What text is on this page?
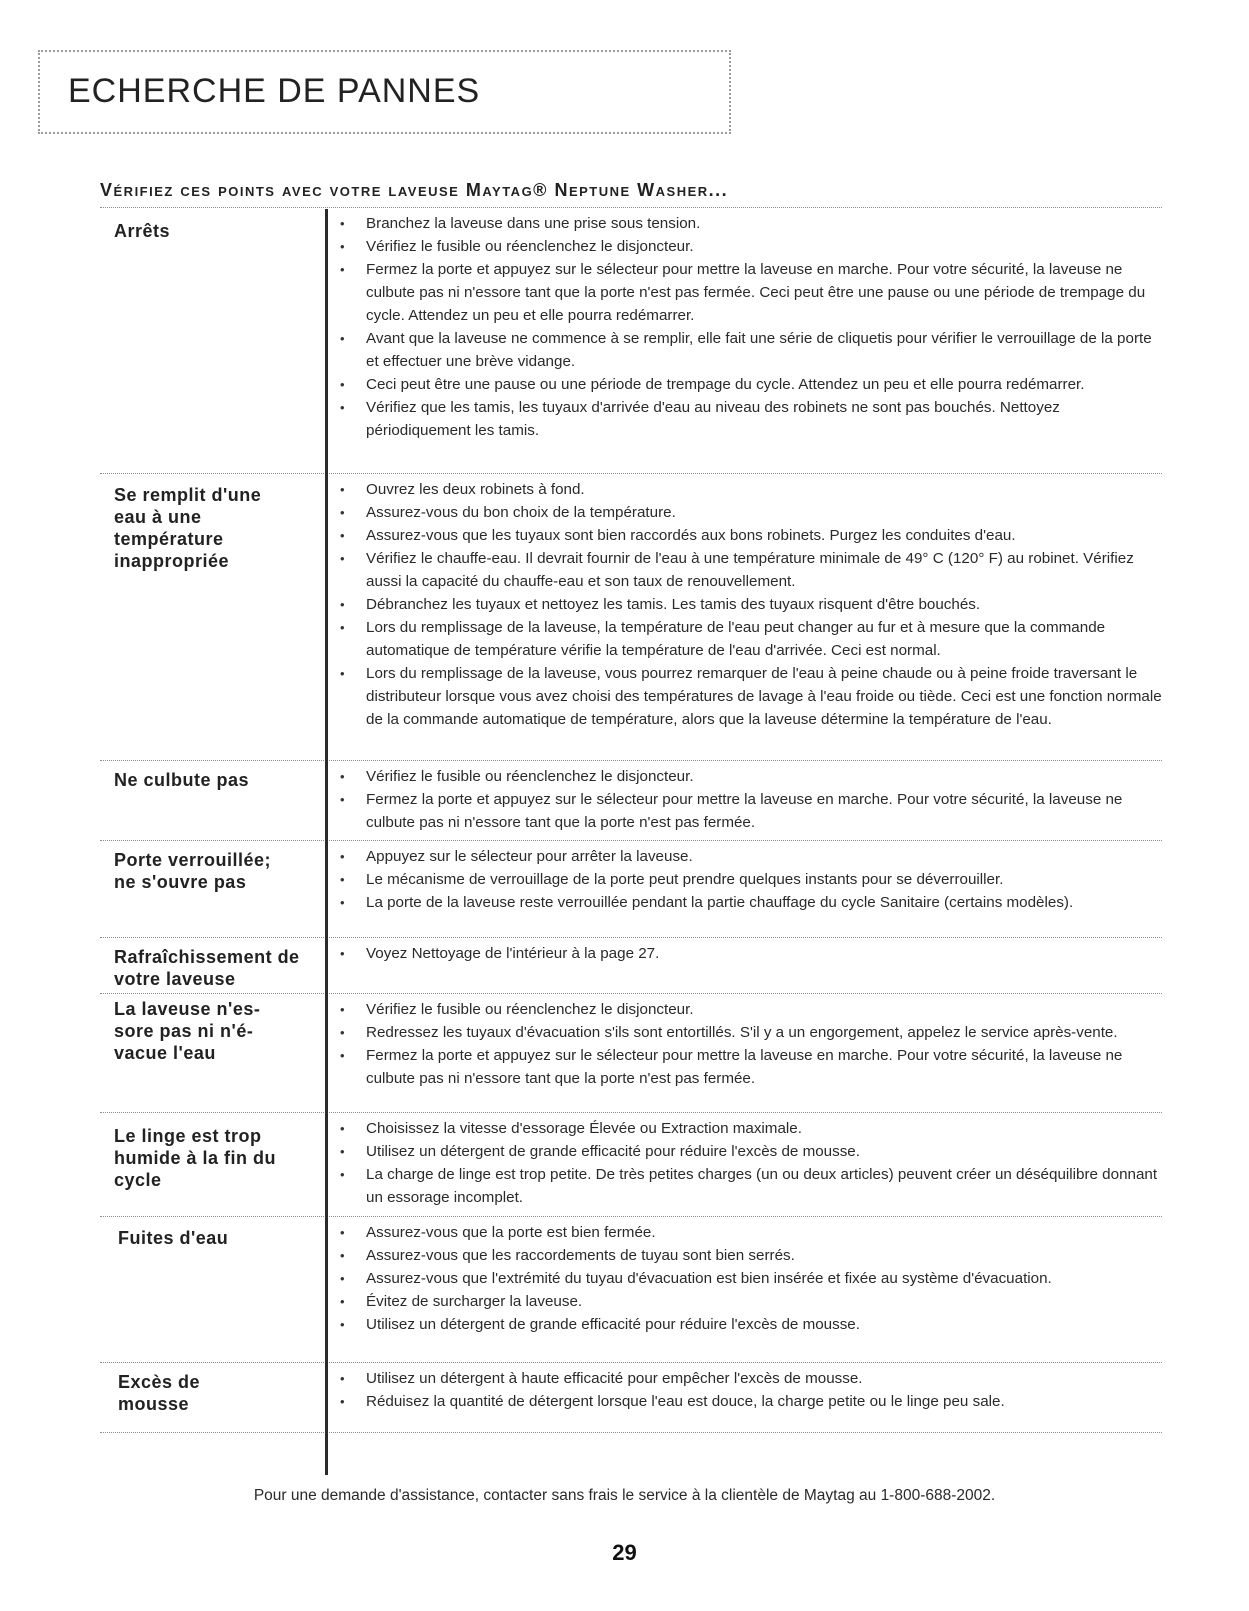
ECHERCHE DE PANNES
Vérifiez ces points avec votre laveuse Maytag® Neptune Washer...
Arrêts	• Branchez la laveuse dans une prise sous tension.
• Vérifiez le fusible ou réenclenchez le disjoncteur.
• Fermez la porte et appuyez sur le sélecteur pour mettre la laveuse en marche. Pour votre sécurité, la laveuse ne culbute pas ni n'essore tant que la porte n'est pas fermée. Ceci peut être une pause ou une période de trempage du cycle. Attendez un peu et elle pourra redémarrer.
• Avant que la laveuse ne commence à se remplir, elle fait une série de cliquetis pour vérifier le verrouillage de la porte et effectuer une brève vidange.
• Ceci peut être une pause ou une période de trempage du cycle. Attendez un peu et elle pourra redémarrer.
• Vérifiez que les tamis, les tuyaux d'arrivée d'eau au niveau des robinets ne sont pas bouchés. Nettoyez périodiquement les tamis.
Se remplit d'une eau à une température inappropriée
• Ouvrez les deux robinets à fond.
• Assurez-vous du bon choix de la température.
• Assurez-vous que les tuyaux sont bien raccordés aux bons robinets. Purgez les conduites d'eau.
• Vérifiez le chauffe-eau. Il devrait fournir de l'eau à une température minimale de 49° C (120° F) au robinet. Vérifiez aussi la capacité du chauffe-eau et son taux de renouvellement.
• Débranchez les tuyaux et nettoyez les tamis. Les tamis des tuyaux risquent d'être bouchés.
• Lors du remplissage de la laveuse, la température de l'eau peut changer au fur et à mesure que la commande automatique de température vérifie la température de l'eau d'arrivée. Ceci est normal.
• Lors du remplissage de la laveuse, vous pourrez remarquer de l'eau à peine chaude ou à peine froide traversant le distributeur lorsque vous avez choisi des températures de lavage à l'eau froide ou tiède. Ceci est une fonction normale de la commande automatique de température, alors que la laveuse détermine la température de l'eau.
Ne culbute pas	• Vérifiez le fusible ou réenclenchez le disjoncteur.
• Fermez la porte et appuyez sur le sélecteur pour mettre la laveuse en marche. Pour votre sécurité, la laveuse ne culbute pas ni n'essore tant que la porte n'est pas fermée.
Porte verrouillée; ne s'ouvre pas
• Appuyez sur le sélecteur pour arrêter la laveuse.
• Le mécanisme de verrouillage de la porte peut prendre quelques instants pour se déverrouiller.
• La porte de la laveuse reste verrouillée pendant la partie chauffage du cycle Sanitaire (certains modèles).
Rafraîchissement de votre laveuse
• Voyez Nettoyage de l'intérieur à la page 27.
La laveuse n'es-sore pas ni n'é-vacue l'eau
• Vérifiez le fusible ou réenclenchez le disjoncteur.
• Redressez les tuyaux d'évacuation s'ils sont entortillés. S'il y a un engorgement, appelez le service après-vente.
• Fermez la porte et appuyez sur le sélecteur pour mettre la laveuse en marche. Pour votre sécurité, la laveuse ne culbute pas ni n'essore tant que la porte n'est pas fermée.
Le linge est trop humide à la fin du cycle
• Choisissez la vitesse d'essorage Élevée ou Extraction maximale.
• Utilisez un détergent de grande efficacité pour réduire l'excès de mousse.
• La charge de linge est trop petite. De très petites charges (un ou deux articles) peuvent créer un déséquilibre donnant un essorage incomplet.
Fuites d'eau	• Assurez-vous que la porte est bien fermée.
• Assurez-vous que les raccordements de tuyau sont bien serrés.
• Assurez-vous que l'extrémité du tuyau d'évacuation est bien insérée et fixée au système d'évacuation.
• Évitez de surcharger la laveuse.
• Utilisez un détergent de grande efficacité pour réduire l'excès de mousse.
Excès de mousse
• Utilisez un détergent à haute efficacité pour empêcher l'excès de mousse.
• Réduisez la quantité de détergent lorsque l'eau est douce, la charge petite ou le linge peu sale.
Pour une demande d'assistance, contacter sans frais le service à la clientèle de Maytag au 1-800-688-2002.
29
